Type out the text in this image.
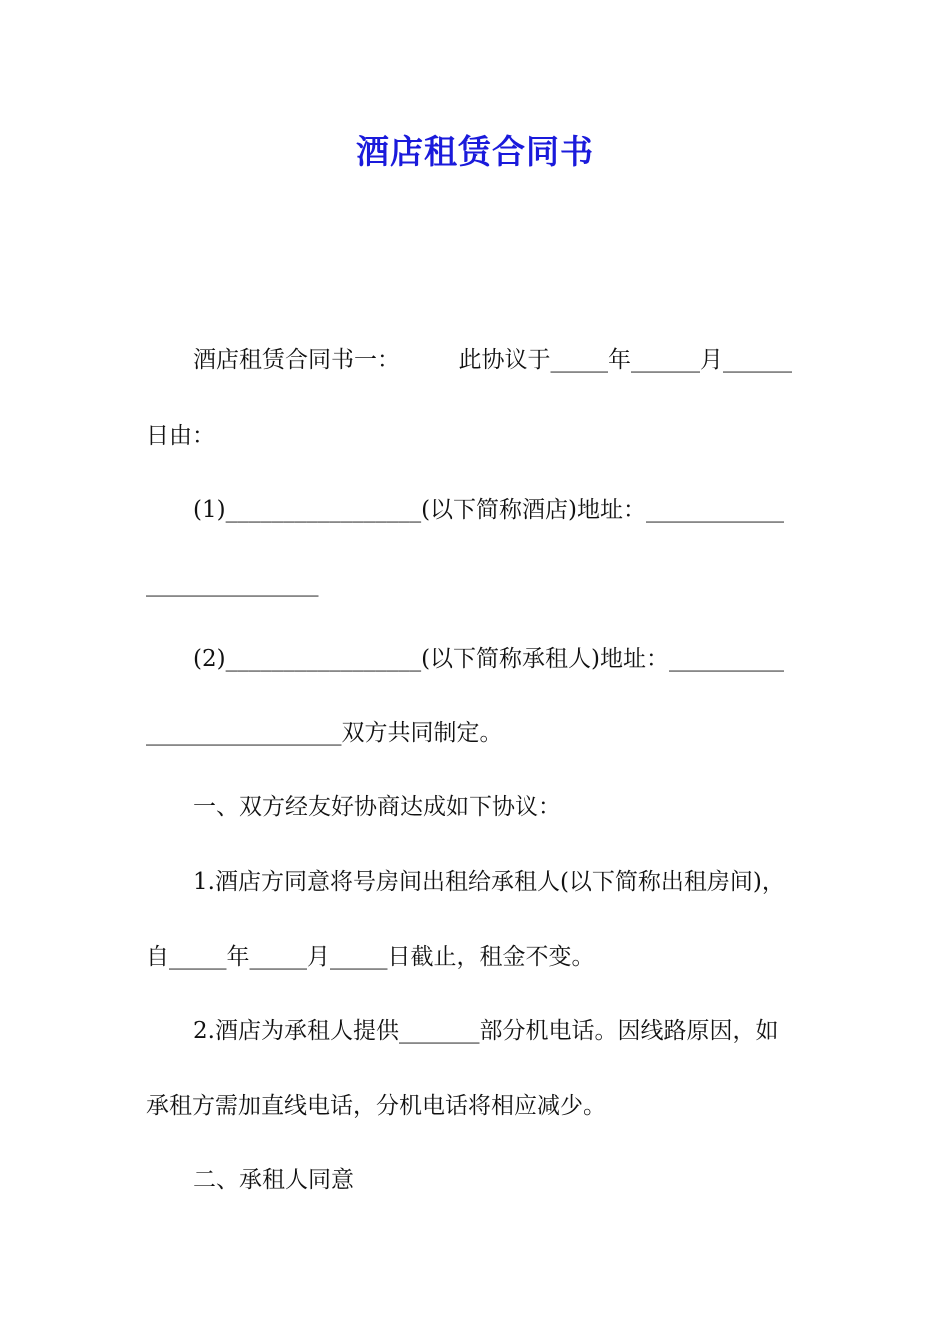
酒店租赁合同书
酒店租赁合同书一：        此协议于_____年______月______
日由：
(1)_________________(以下简称酒店)地址：____________
_______________
(2)_________________(以下简称承租人)地址：__________
_________________双方共同制定。
一、双方经友好协商达成如下协议：
1.酒店方同意将号房间出租给承租人(以下简称出租房间)，
自_____年_____月_____日截止，租金不变。
2.酒店为承租人提供_______部分机电话。因线路原因，如
承租方需加直线电话，分机电话将相应减少。
二、承租人同意
